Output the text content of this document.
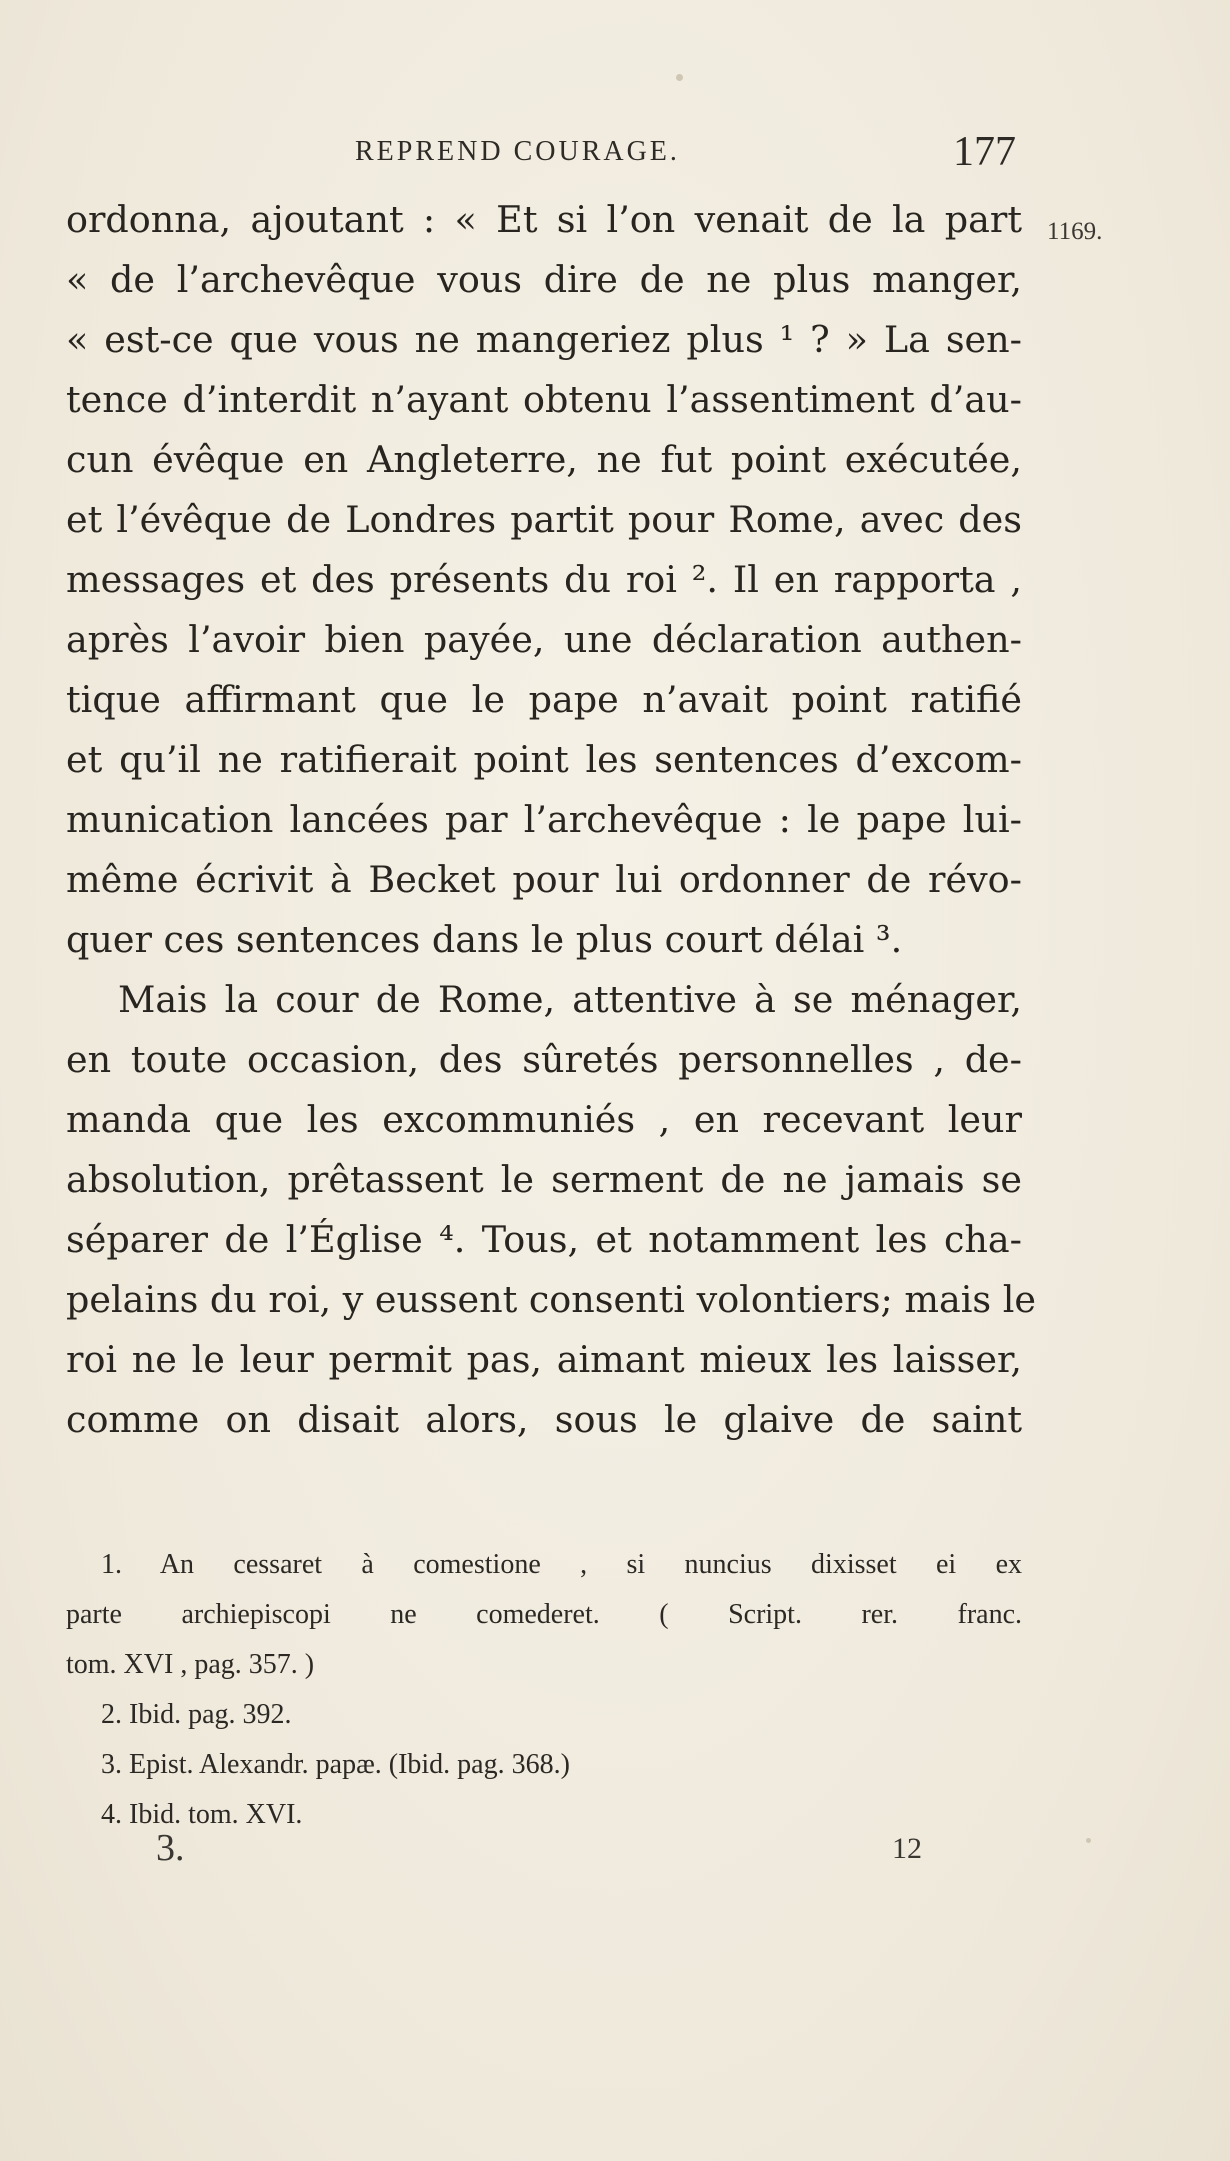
REPREND COURAGE.	177
1169.
ordonna, ajoutant : « Et si l’on venait de la part
« de l’archevêque vous dire de ne plus manger,
« est-ce que vous ne mangeriez plus ¹ ? » La sen-
tence d’interdit n’ayant obtenu l’assentiment d’au-
cun évêque en Angleterre, ne fut point exécutée,
et l’évêque de Londres partit pour Rome, avec des
messages et des présents du roi ². Il en rapporta ,
après l’avoir bien payée, une déclaration authen-
tique affirmant que le pape n’avait point ratifié
et qu’il ne ratifierait point les sentences d’excom-
munication lancées par l’archevêque : le pape lui-
même écrivit à Becket pour lui ordonner de révo-
quer ces sentences dans le plus court délai ³.
Mais la cour de Rome, attentive à se ménager,
en toute occasion, des sûretés personnelles , de-
manda que les excommuniés , en recevant leur
absolution, prêtassent le serment de ne jamais se
séparer de l’Église ⁴. Tous, et notamment les cha-
pelains du roi, y eussent consenti volontiers; mais le
roi ne le leur permit pas, aimant mieux les laisser,
comme on disait alors, sous le glaive de saint
1. An cessaret à comestione , si nuncius dixisset ei ex
parte archiepiscopi ne comederet. ( Script. rer. franc.
tom. XVI , pag. 357. )
2. Ibid. pag. 392.
3. Epist. Alexandr. papæ. (Ibid. pag. 368.)
4. Ibid. tom. XVI.
3.	12
